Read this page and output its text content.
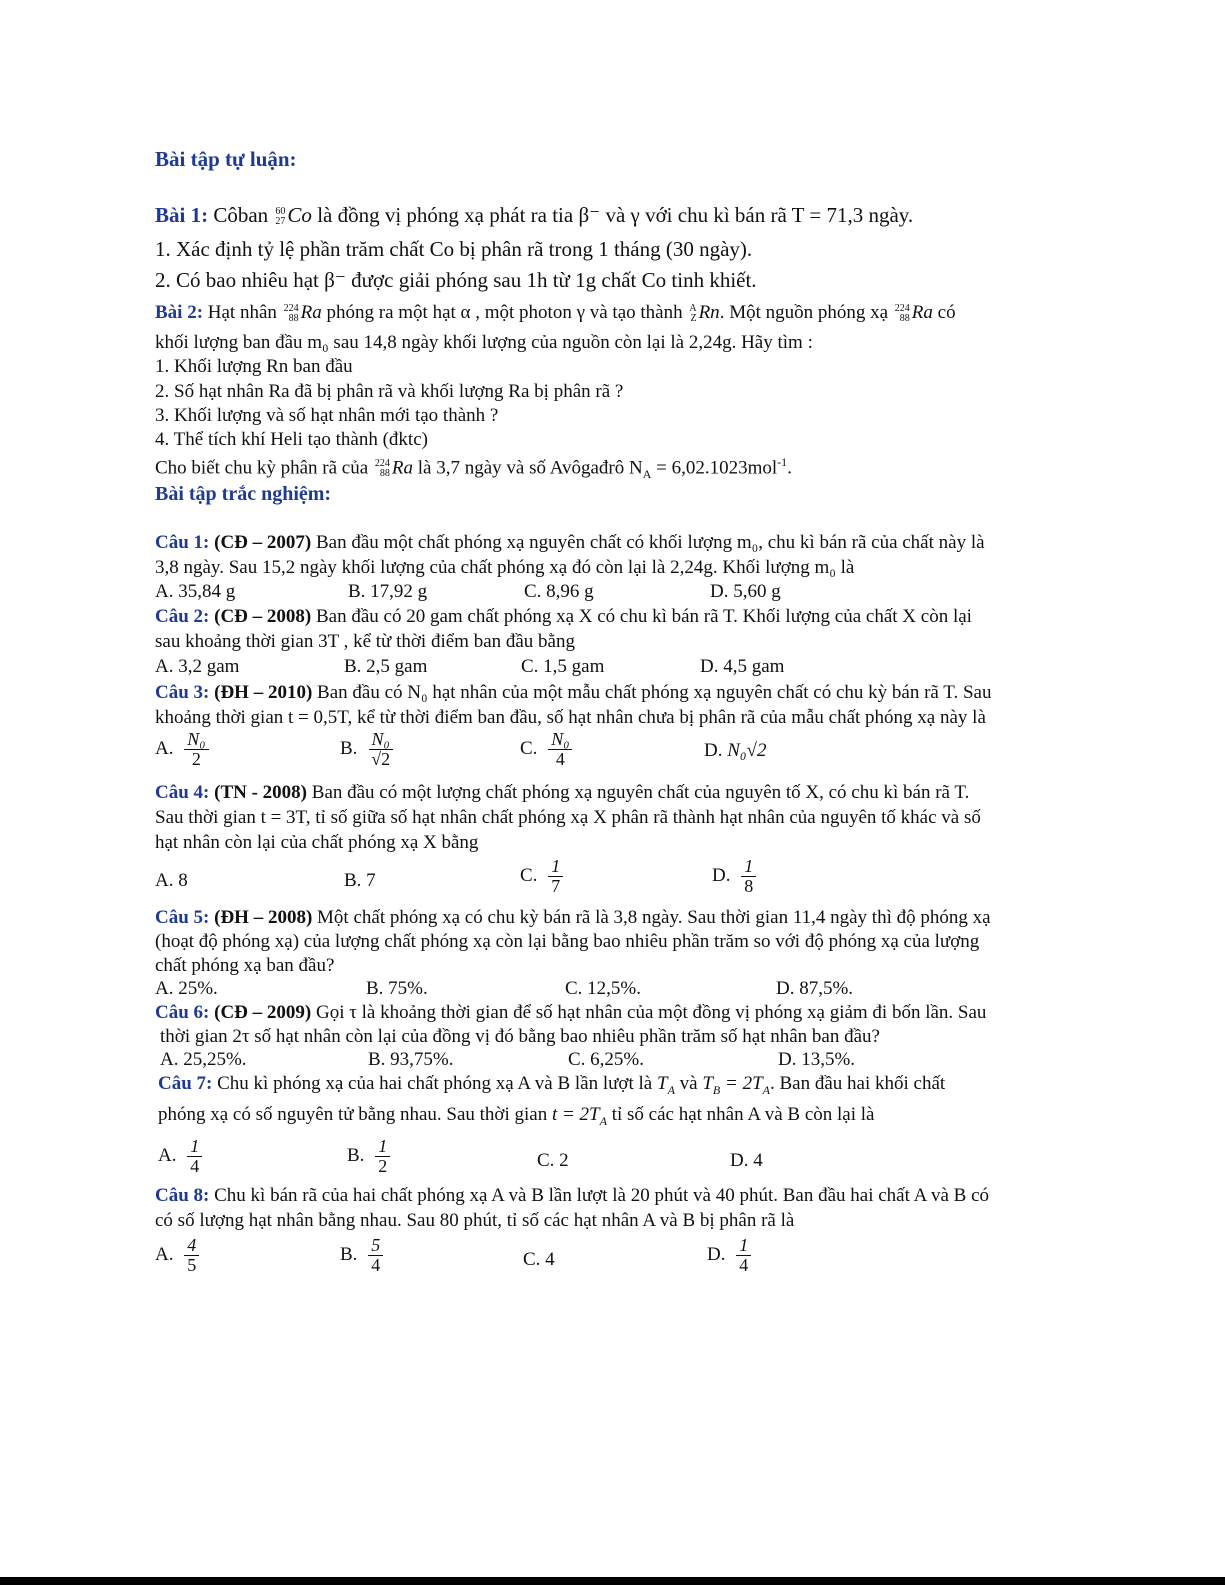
Bài tập tự luận:
Bài 1: Côban 60
27 Co là đồng vị phóng xạ phát ra tia β⁻ và γ với chu kì bán rã T = 71,3 ngày.
1. Xác định tỷ lệ phần trăm chất Co bị phân rã trong 1 tháng (30 ngày).
2. Có bao nhiêu hạt β⁻ được giải phóng sau 1h từ 1g chất Co tinh khiết.
Bài 2: Hạt nhân 224
88 Ra phóng ra một hạt α , một photon γ và tạo thành A
Z Rn. Một nguồn phóng xạ 224
88 Ra có
khối lượng ban đầu m₀ sau 14,8 ngày khối lượng của nguồn còn lại là 2,24g. Hãy tìm :
1. Khối lượng Rn ban đầu
2. Số hạt nhân Ra đã bị phân rã và khối lượng Ra bị phân rã ?
3. Khối lượng và số hạt nhân mới tạo thành ?
4. Thể tích khí Heli tạo thành (đktc)
Cho biết chu kỳ phân rã của 224
88 Ra là 3,7 ngày và số Avôgađrô $N_A = 6,02.1023mol^{-1}$.
Bài tập trắc nghiệm:
Câu 1: (CĐ – 2007) Ban đầu một chất phóng xạ nguyên chất có khối lượng m₀, chu kì bán rã của chất này là
3,8 ngày. Sau 15,2 ngày khối lượng của chất phóng xạ đó còn lại là 2,24g. Khối lượng m₀ là
A. 35,84 g	B. 17,92 g	C. 8,96 g	D. 5,60 g
Câu 2: (CĐ – 2008) Ban đầu có 20 gam chất phóng xạ X có chu kì bán rã T. Khối lượng của chất X còn lại
sau khoảng thời gian 3T , kể từ thời điểm ban đầu bằng
A. 3,2 gam	B. 2,5 gam	C. 1,5 gam	D. 4,5 gam
Câu 3: (ĐH – 2010) Ban đầu có N₀ hạt nhân của một mẫu chất phóng xạ nguyên chất có chu kỳ bán rã T. Sau
khoảng thời gian t = 0,5T, kể từ thời điểm ban đầu, số hạt nhân chưa bị phân rã của mẫu chất phóng xạ này là
A. $\frac{\text{N₀}}{2}$	B. $\frac{\text{N₀}}{√2}$	C. $\frac{\text{N₀}}{4}$	D. N₀√2
Câu 4: (TN - 2008) Ban đầu có một lượng chất phóng xạ nguyên chất của nguyên tố X, có chu kì bán rã T.
Sau thời gian t = 3T, tỉ số giữa số hạt nhân chất phóng xạ X phân rã thành hạt nhân của nguyên tố khác và số
hạt nhân còn lại của chất phóng xạ X bằng
A. 8	B. 7	C. $\frac{1}{7}$	D. $\frac{1}{8}$
Câu 5: (ĐH – 2008) Một chất phóng xạ có chu kỳ bán rã là 3,8 ngày. Sau thời gian 11,4 ngày thì độ phóng xạ
(hoạt độ phóng xạ) của lượng chất phóng xạ còn lại bằng bao nhiêu phần trăm so với độ phóng xạ của lượng
chất phóng xạ ban đầu?
A. 25%.	B. 75%.	C. 12,5%.	D. 87,5%.
Câu 6: (CĐ – 2009) Gọi τ là khoảng thời gian để số hạt nhân của một đồng vị phóng xạ giảm đi bốn lần. Sau
thời gian 2τ số hạt nhân còn lại của đồng vị đó bằng bao nhiêu phần trăm số hạt nhân ban đầu?
A. 25,25%.	B. 93,75%.	C. 6,25%.	D. 13,5%.
Câu 7: Chu kì phóng xạ của hai chất phóng xạ A và B lần lượt là $T_A$ và $T_B = 2T_A$. Ban đầu hai khối chất
phóng xạ có số nguyên tử bằng nhau. Sau thời gian $t = 2T_A$ tỉ số các hạt nhân A và B còn lại là
A. $\frac{1}{4}$	B. $\frac{1}{2}$	C. 2	D. 4
Câu 8: Chu kì bán rã của hai chất phóng xạ A và B lần lượt là 20 phút và 40 phút. Ban đầu hai chất A và B có
có số lượng hạt nhân bằng nhau. Sau 80 phút, tỉ số các hạt nhân A và B bị phân rã là
A. $\frac{4}{5}$	B. $\frac{5}{4}$	C. 4	D. $\frac{1}{4}$
